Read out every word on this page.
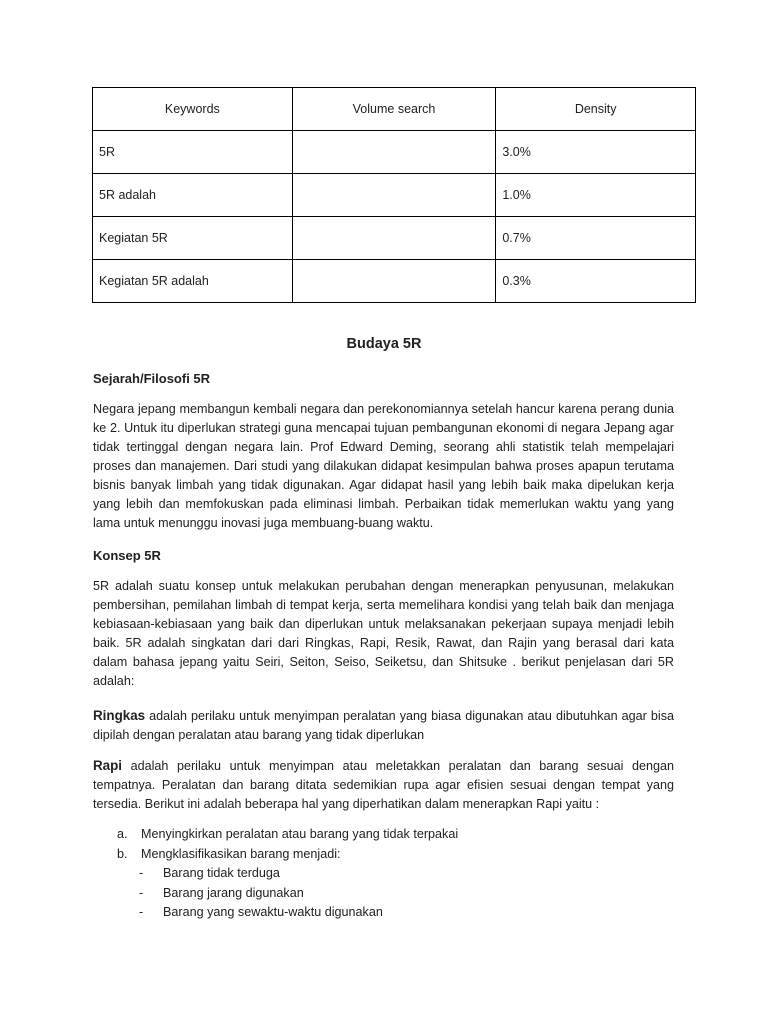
Keywords	Volume search	Density
5R		3.0%
5R adalah		1.0%
Kegiatan 5R		0.7%
Kegiatan 5R adalah		0.3%
Budaya 5R
Sejarah/Filosofi 5R

Negara jepang membangun kembali negara dan perekonomiannya setelah hancur karena perang dunia ke 2. Untuk itu diperlukan strategi guna mencapai tujuan pembangunan ekonomi di negara Jepang agar tidak tertinggal dengan negara lain. Prof Edward Deming, seorang ahli statistik telah mempelajari proses dan manajemen. Dari studi yang dilakukan didapat kesimpulan bahwa proses apapun terutama bisnis banyak limbah yang tidak digunakan. Agar didapat hasil yang lebih baik maka dipelukan kerja yang lebih dan memfokuskan pada eliminasi limbah. Perbaikan tidak memerlukan waktu yang yang lama untuk menunggu inovasi juga membuang-buang waktu.

Konsep 5R

5R adalah suatu konsep untuk melakukan perubahan dengan menerapkan penyusunan, melakukan pembersihan, pemilahan limbah di tempat kerja, serta memelihara kondisi yang telah baik dan menjaga kebiasaan-kebiasaan yang baik dan diperlukan untuk melaksanakan pekerjaan supaya menjadi lebih baik. 5R adalah singkatan dari dari Ringkas, Rapi, Resik, Rawat, dan Rajin yang berasal dari kata dalam bahasa jepang yaitu Seiri, Seiton, Seiso, Seiketsu, dan Shitsuke . berikut penjelasan dari 5R adalah:

Ringkas adalah perilaku untuk menyimpan peralatan yang biasa digunakan atau dibutuhkan agar bisa dipilah dengan peralatan atau barang yang tidak diperlukan

Rapi adalah perilaku untuk menyimpan atau meletakkan peralatan dan barang sesuai dengan tempatnya. Peralatan dan barang ditata sedemikian rupa agar efisien sesuai dengan tempat yang tersedia. Berikut ini adalah beberapa hal yang diperhatikan dalam menerapkan Rapi yaitu :

a.	Menyingkirkan peralatan atau barang yang tidak terpakai
b.	Mengklasifikasikan barang menjadi:
-	Barang tidak terduga
-	Barang jarang digunakan
-	Barang yang sewaktu-waktu digunakan
